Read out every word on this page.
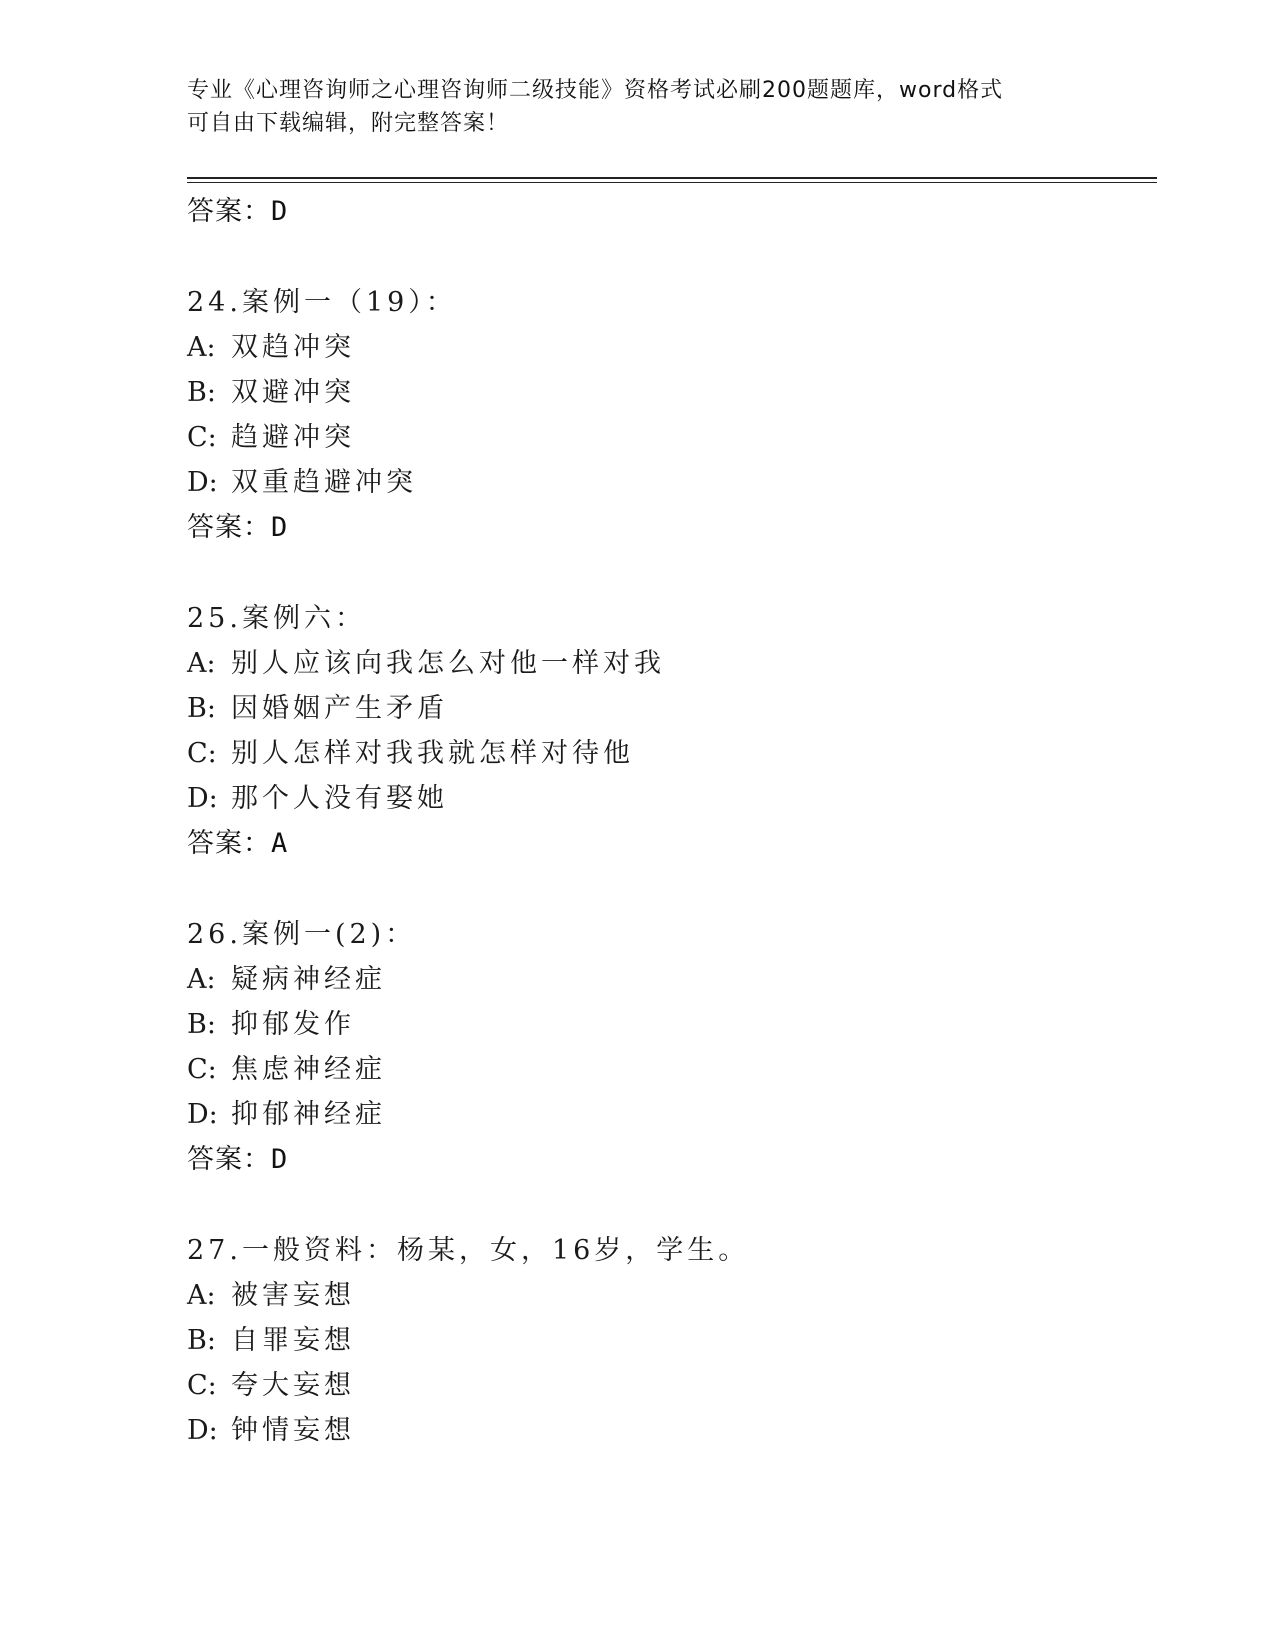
专业《心理咨询师之心理咨询师二级技能》资格考试必刷200题题库，word格式
可自由下载编辑，附完整答案！
答案：D
24.案例一（19）：
A: 双趋冲突
B: 双避冲突
C: 趋避冲突
D: 双重趋避冲突
答案：D
25.案例六：
A: 别人应该向我怎么对他一样对我
B: 因婚姻产生矛盾
C: 别人怎样对我我就怎样对待他
D: 那个人没有娶她
答案：A
26.案例一(2)：
A: 疑病神经症
B: 抑郁发作
C: 焦虑神经症
D: 抑郁神经症
答案：D
27.一般资料：杨某，女，16岁，学生。
A: 被害妄想
B: 自罪妄想
C: 夸大妄想
D: 钟情妄想
